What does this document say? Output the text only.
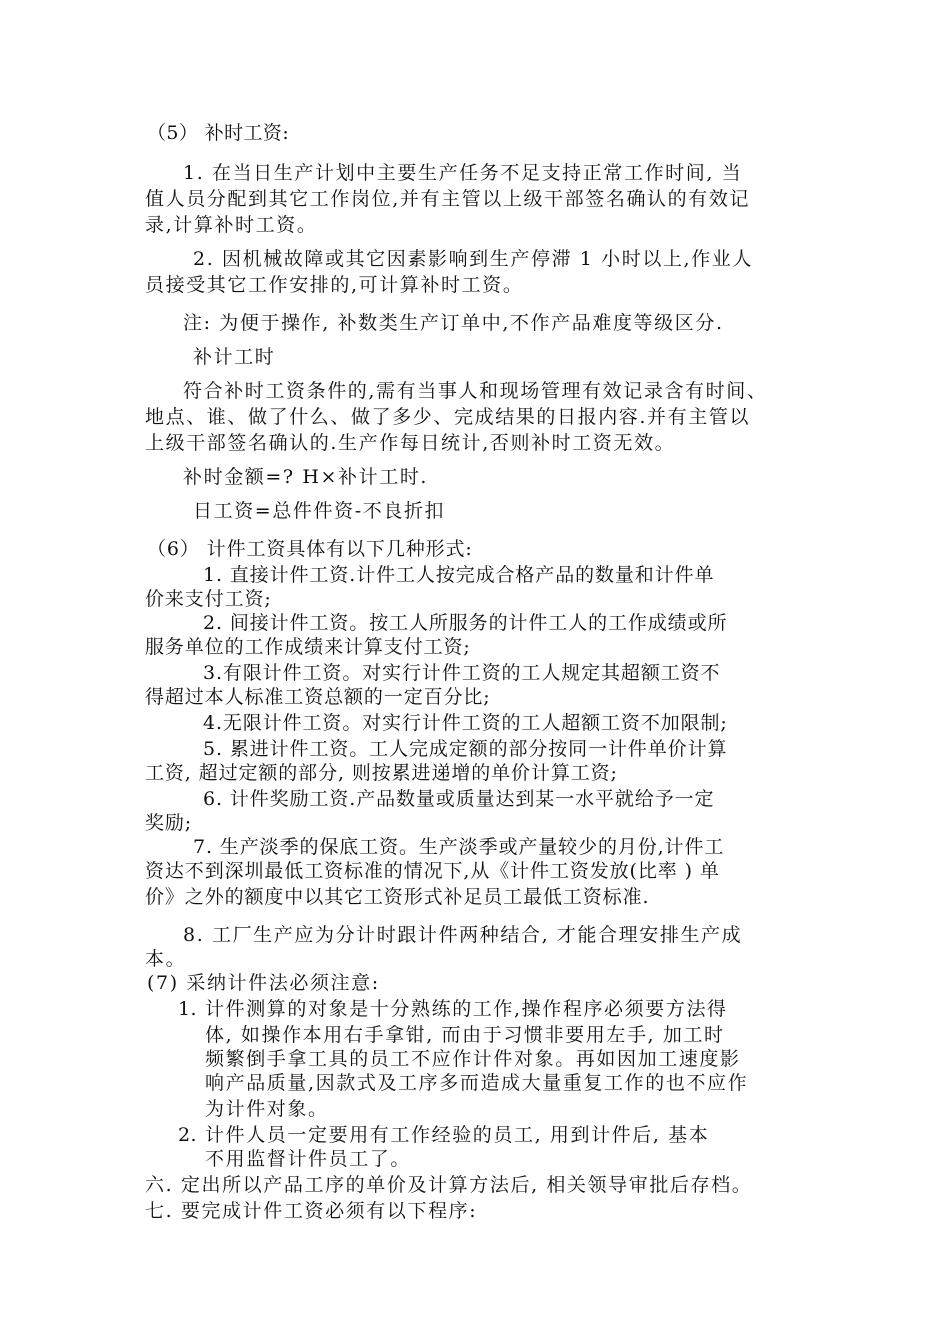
（5） 补时工资:

1. 在当日生产计划中主要生产任务不足支持正常工作时间, 当

值人员分配到其它工作岗位,并有主管以上级干部签名确认的有效记

录,计算补时工资。

2. 因机械故障或其它因素影响到生产停滞 1 小时以上,作业人

员接受其它工作安排的,可计算补时工资。

注: 为便于操作, 补数类生产订单中,不作产品难度等级区分.

补计工时

符合补时工资条件的,需有当事人和现场管理有效记录含有时间、

地点、谁、做了什么、做了多少、完成结果的日报内容.并有主管以

上级干部签名确认的.生产作每日统计,否则补时工资无效。

补时金额=? H×补计工时.

日工资=总件件资-不良折扣

（6） 计件工资具体有以下几种形式:

1. 直接计件工资.计件工人按完成合格产品的数量和计件单

价来支付工资;

2. 间接计件工资。按工人所服务的计件工人的工作成绩或所

服务单位的工作成绩来计算支付工资;

3.有限计件工资。对实行计件工资的工人规定其超额工资不

得超过本人标准工资总额的一定百分比;

4.无限计件工资。对实行计件工资的工人超额工资不加限制;

5. 累进计件工资。工人完成定额的部分按同一计件单价计算

工资, 超过定额的部分, 则按累进递增的单价计算工资;

6. 计件奖励工资.产品数量或质量达到某一水平就给予一定

奖励;

7. 生产淡季的保底工资。生产淡季或产量较少的月份,计件工

资达不到深圳最低工资标准的情况下,从《计件工资发放(比率 ) 单

价》之外的额度中以其它工资形式补足员工最低工资标准.

8. 工厂生产应为分计时跟计件两种结合, 才能合理安排生产成

本。

(7) 采纳计件法必须注意:

1. 计件测算的对象是十分熟练的工作,操作程序必须要方法得

体, 如操作本用右手拿钳, 而由于习惯非要用左手, 加工时

频繁倒手拿工具的员工不应作计件对象。再如因加工速度影

响产品质量,因款式及工序多而造成大量重复工作的也不应作

为计件对象。

2. 计件人员一定要用有工作经验的员工, 用到计件后, 基本

不用监督计件员工了。

六. 定出所以产品工序的单价及计算方法后, 相关领导审批后存档。

七. 要完成计件工资必须有以下程序:
